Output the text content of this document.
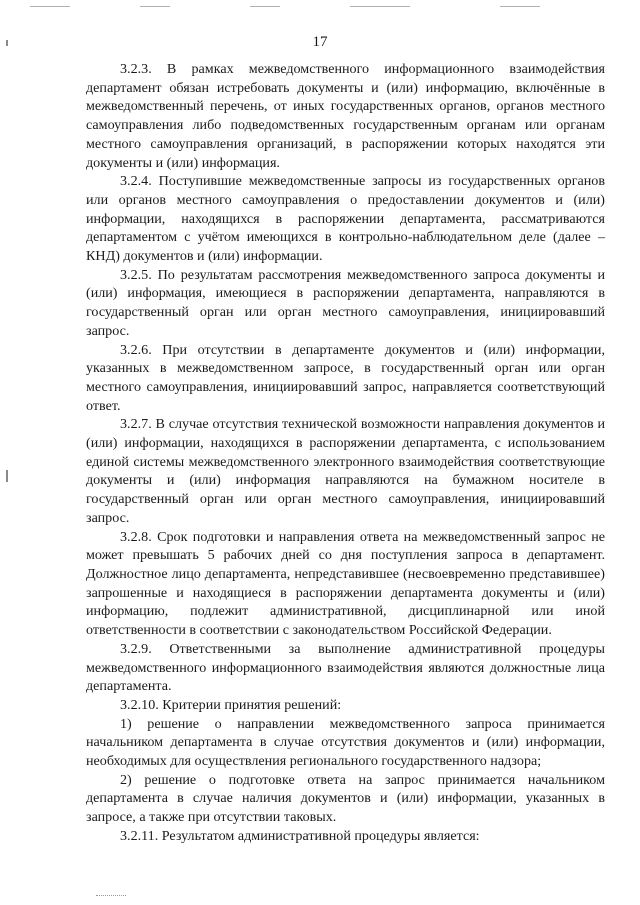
17

3.2.3. В рамках межведомственного информационного взаимодействия департамент обязан истребовать документы и (или) информацию, включённые в межведомственный перечень, от иных государственных органов, органов местного самоуправления либо подведомственных государственным органам или органам местного самоуправления организаций, в распоряжении которых находятся эти документы и (или) информация.

3.2.4. Поступившие межведомственные запросы из государственных органов или органов местного самоуправления о предоставлении документов и (или) информации, находящихся в распоряжении департамента, рассматриваются департаментом с учётом имеющихся в контрольно-наблюдательном деле (далее – КНД) документов и (или) информации.

3.2.5. По результатам рассмотрения межведомственного запроса документы и (или) информация, имеющиеся в распоряжении департамента, направляются в государственный орган или орган местного самоуправления, инициировавший запрос.

3.2.6. При отсутствии в департаменте документов и (или) информации, указанных в межведомственном запросе, в государственный орган или орган местного самоуправления, инициировавший запрос, направляется соответствующий ответ.

3.2.7. В случае отсутствия технической возможности направления документов и (или) информации, находящихся в распоряжении департамента, с использованием единой системы межведомственного электронного взаимодействия соответствующие документы и (или) информация направляются на бумажном носителе в государственный орган или орган местного самоуправления, инициировавший запрос.

3.2.8. Срок подготовки и направления ответа на межведомственный запрос не может превышать 5 рабочих дней со дня поступления запроса в департамент. Должностное лицо департамента, непредставившее (несвоевременно представившее) запрошенные и находящиеся в распоряжении департамента документы и (или) информацию, подлежит административной, дисциплинарной или иной ответственности в соответствии с законодательством Российской Федерации.

3.2.9. Ответственными за выполнение административной процедуры межведомственного информационного взаимодействия являются должностные лица департамента.

3.2.10. Критерии принятия решений:

1) решение о направлении межведомственного запроса принимается начальником департамента в случае отсутствия документов и (или) информации, необходимых для осуществления регионального государственного надзора;

2) решение о подготовке ответа на запрос принимается начальником департамента в случае наличия документов и (или) информации, указанных в запросе, а также при отсутствии таковых.

3.2.11. Результатом административной процедуры является:
